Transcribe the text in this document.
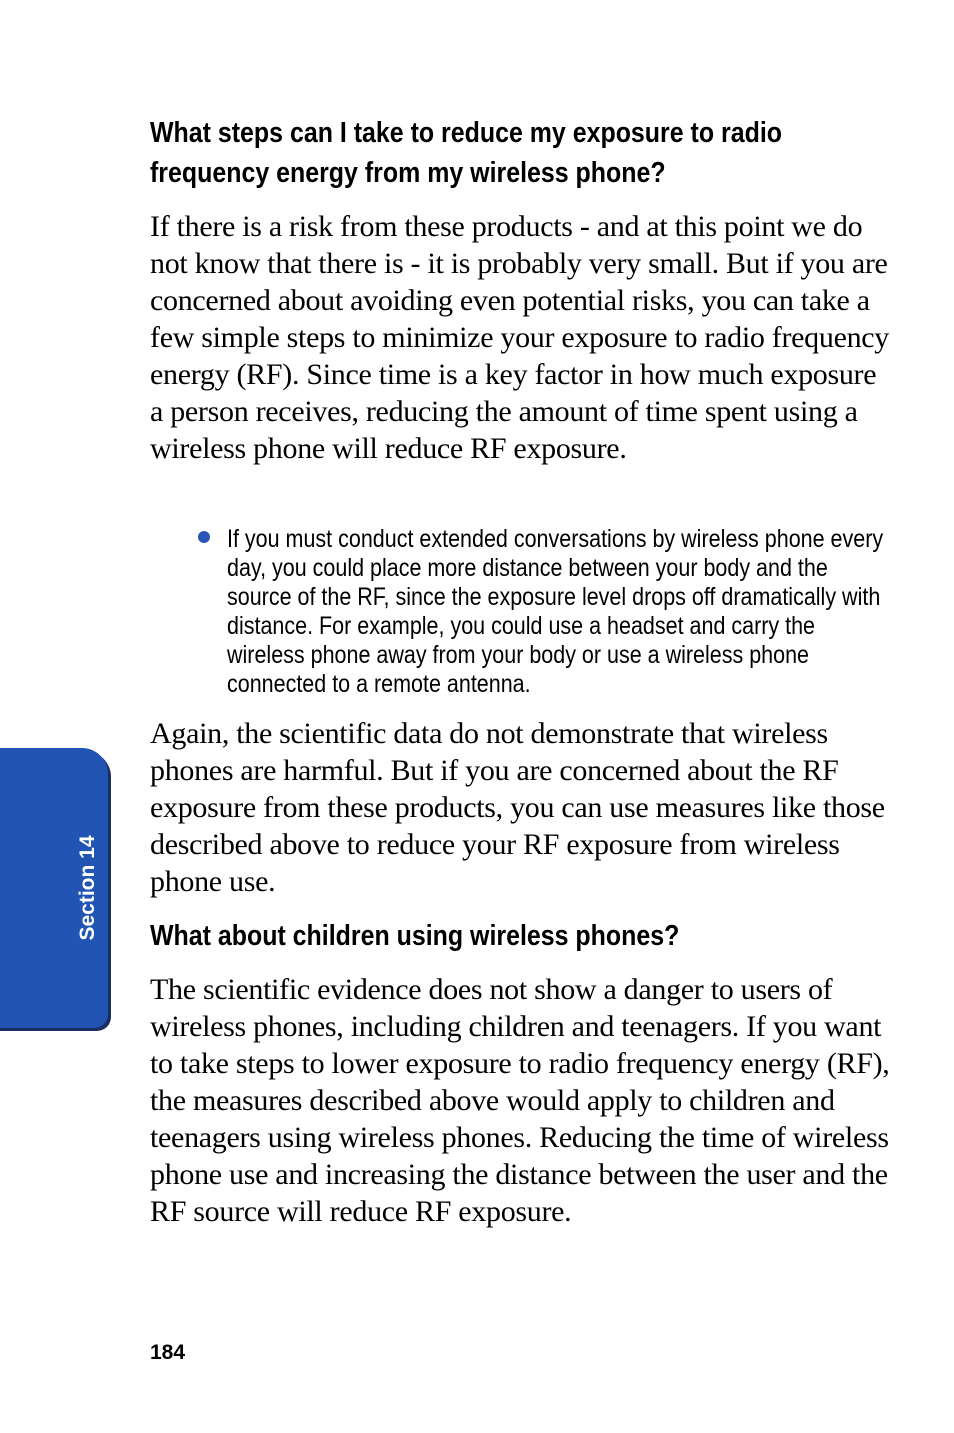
What steps can I take to reduce my exposure to radio frequency energy from my wireless phone?

If there is a risk from these products - and at this point we do not know that there is - it is probably very small. But if you are concerned about avoiding even potential risks, you can take a few simple steps to minimize your exposure to radio frequency energy (RF). Since time is a key factor in how much exposure a person receives, reducing the amount of time spent using a wireless phone will reduce RF exposure.

If you must conduct extended conversations by wireless phone every day, you could place more distance between your body and the source of the RF, since the exposure level drops off dramatically with distance. For example, you could use a headset and carry the wireless phone away from your body or use a wireless phone connected to a remote antenna.

Again, the scientific data do not demonstrate that wireless phones are harmful. But if you are concerned about the RF exposure from these products, you can use measures like those described above to reduce your RF exposure from wireless phone use.

What about children using wireless phones?

The scientific evidence does not show a danger to users of wireless phones, including children and teenagers. If you want to take steps to lower exposure to radio frequency energy (RF), the measures described above would apply to children and teenagers using wireless phones. Reducing the time of wireless phone use and increasing the distance between the user and the RF source will reduce RF exposure.

Section 14
184
